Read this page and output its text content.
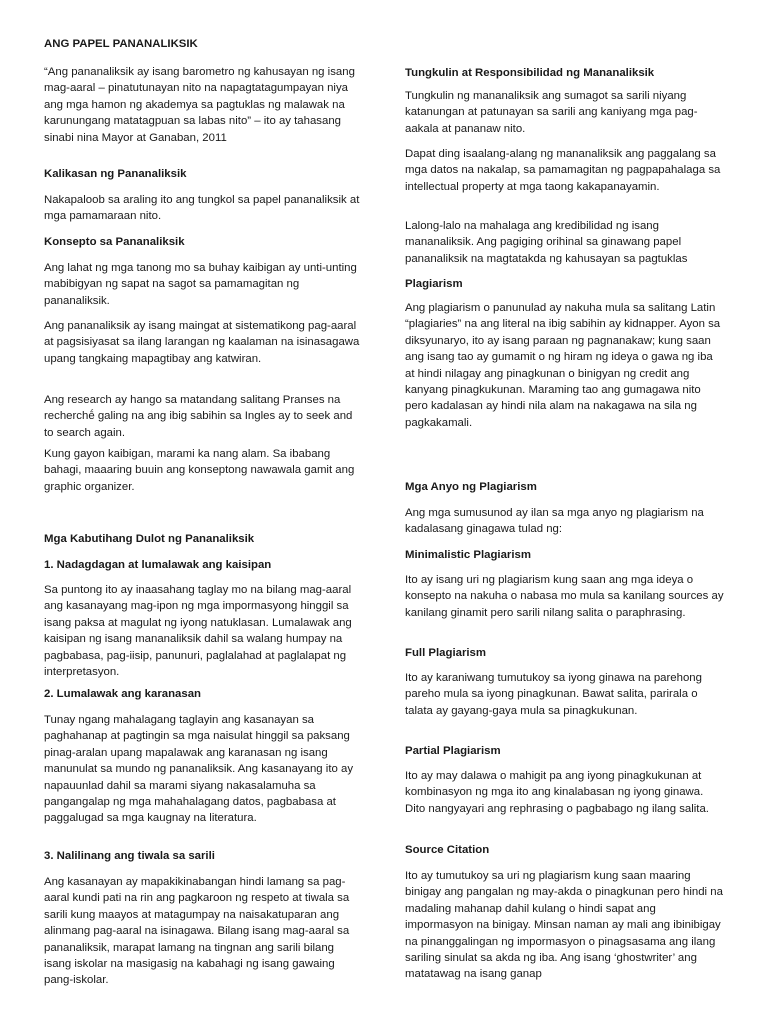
ANG PAPEL PANANALIKSIK

“Ang pananaliksik ay isang barometro ng kahusayan ng isang mag-aaral – pinatutunayan nito na napagtatagumpayan niya ang mga hamon ng akademya sa pagtuklas ng malawak na karunungang matatagpuan sa labas nito” – ito ay tahasang sinabi nina Mayor at Ganaban, 2011

Kalikasan ng Pananaliksik

Nakapaloob sa araling ito ang tungkol sa papel pananaliksik at mga pamamaraan nito.

Konsepto sa Pananaliksik

Ang lahat ng mga tanong mo sa buhay kaibigan ay unti-unting mabibigyan ng sapat na sagot sa pamamagitan ng pananaliksik.

Ang pananaliksik ay isang maingat at sistematikong pag-aaral at pagsisiyasat sa ilang larangan ng kaalaman na isinasagawa upang tangkaing mapagtibay ang katwiran.

Ang research ay hango sa matandang salitang Pranses na recherchḗ galing na ang ibig sabihin sa Ingles ay to seek and to search again.

Kung gayon kaibigan, marami ka nang alam. Sa ibabang bahagi, maaaring buuin ang konseptong nawawala gamit ang graphic organizer.

Mga Kabutihang Dulot ng Pananaliksik
1. Nadagdagan at lumalawak ang kaisipan

Sa puntong ito ay inaasahang taglay mo na bilang mag-aaral ang kasanayang mag-ipon ng mga impormasyong hinggil sa isang paksa at magulat ng iyong natuklasan. Lumalawak ang kaisipan ng isang mananaliksik dahil sa walang humpay na pagbabasa, pag-iisip, panunuri, paglalahad at paglalapat ng interpretasyon.

2. Lumalawak ang karanasan

Tunay ngang mahalagang taglayin ang kasanayan sa paghahanap at pagtingin sa mga naisulat hinggil sa paksang pinag-aralan upang mapalawak ang karanasan ng isang manunulat sa mundo ng pananaliksik. Ang kasanayang ito ay napauunlad dahil sa marami siyang nakasalamuha sa pangangalap ng mga mahahalagang datos, pagbabasa at paggalugad sa mga kaugnay na literatura.

3. Nalilinang ang tiwala sa sarili

Ang kasanayan ay mapakikinabangan hindi lamang sa pag-aaral kundi pati na rin ang pagkaroon ng respeto at tiwala sa sarili kung maayos at matagumpay na naisakatuparan ang alinmang pag-aaral na isinagawa. Bilang isang mag-aaral sa pananaliksik, marapat lamang na tingnan ang sarili bilang isang iskolar na masigasig na kabahagi ng isang gawaing pang-iskolar.

Tungkulin at Responsibilidad ng Mananaliksik

Tungkulin ng mananaliksik ang sumagot sa sarili niyang katanungan at patunayan sa sarili ang kaniyang mga pag-aakala at pananaw nito.

Dapat ding isaalang-alang ng mananaliksik ang paggalang sa mga datos na nakalap, sa pamamagitan ng pagpapahalaga sa intellectual property at mga taong kakapanayamin.

Lalong-lalo na mahalaga ang kredibilidad ng isang mananaliksik. Ang pagiging orihinal sa ginawang papel pananaliksik na magtatakda ng kahusayan sa pagtuklas

Plagiarism

Ang plagiarism o panunulad ay nakuha mula sa salitang Latin “plagiaries” na ang literal na ibig sabihin ay kidnapper. Ayon sa diksyunaryo, ito ay isang paraan ng pagnanakaw; kung saan ang isang tao ay gumamit o ng hiram ng ideya o gawa ng iba at hindi nilagay ang pinagkunan o binigyan ng credit ang kanyang pinagkukunan. Maraming tao ang gumagawa nito pero kadalasan ay hindi nila alam na nakagawa na sila ng pagkakamali.

Mga Anyo ng Plagiarism

Ang mga sumusunod ay ilan sa mga anyo ng plagiarism na kadalasang ginagawa tulad ng:

Minimalistic Plagiarism

Ito ay isang uri ng plagiarism kung saan ang mga ideya o konsepto na nakuha o nabasa mo mula sa kanilang sources ay kanilang ginamit pero sarili nilang salita o paraphrasing.

Full Plagiarism

Ito ay karaniwang tumutukoy sa iyong ginawa na parehong pareho mula sa iyong pinagkunan. Bawat salita, parirala o talata ay gayang-gaya mula sa pinagkukunan.

Partial Plagiarism

Ito ay may dalawa o mahigit pa ang iyong pinagkukunan at kombinasyon ng mga ito ang kinalabasan ng iyong ginawa. Dito nangyayari ang rephrasing o pagbabago ng ilang salita.

Source Citation

Ito ay tumutukoy sa uri ng plagiarism kung saan maaring binigay ang pangalan ng may-akda o pinagkunan pero hindi na madaling mahanap dahil kulang o hindi sapat ang impormasyon na binigay. Minsan naman ay mali ang ibinibigay na pinanggalingan ng impormasyon o pinagsasama ang ilang sariling sinulat sa akda ng iba. Ang isang ‘ghostwriter’ ang matatawag na isang ganap
